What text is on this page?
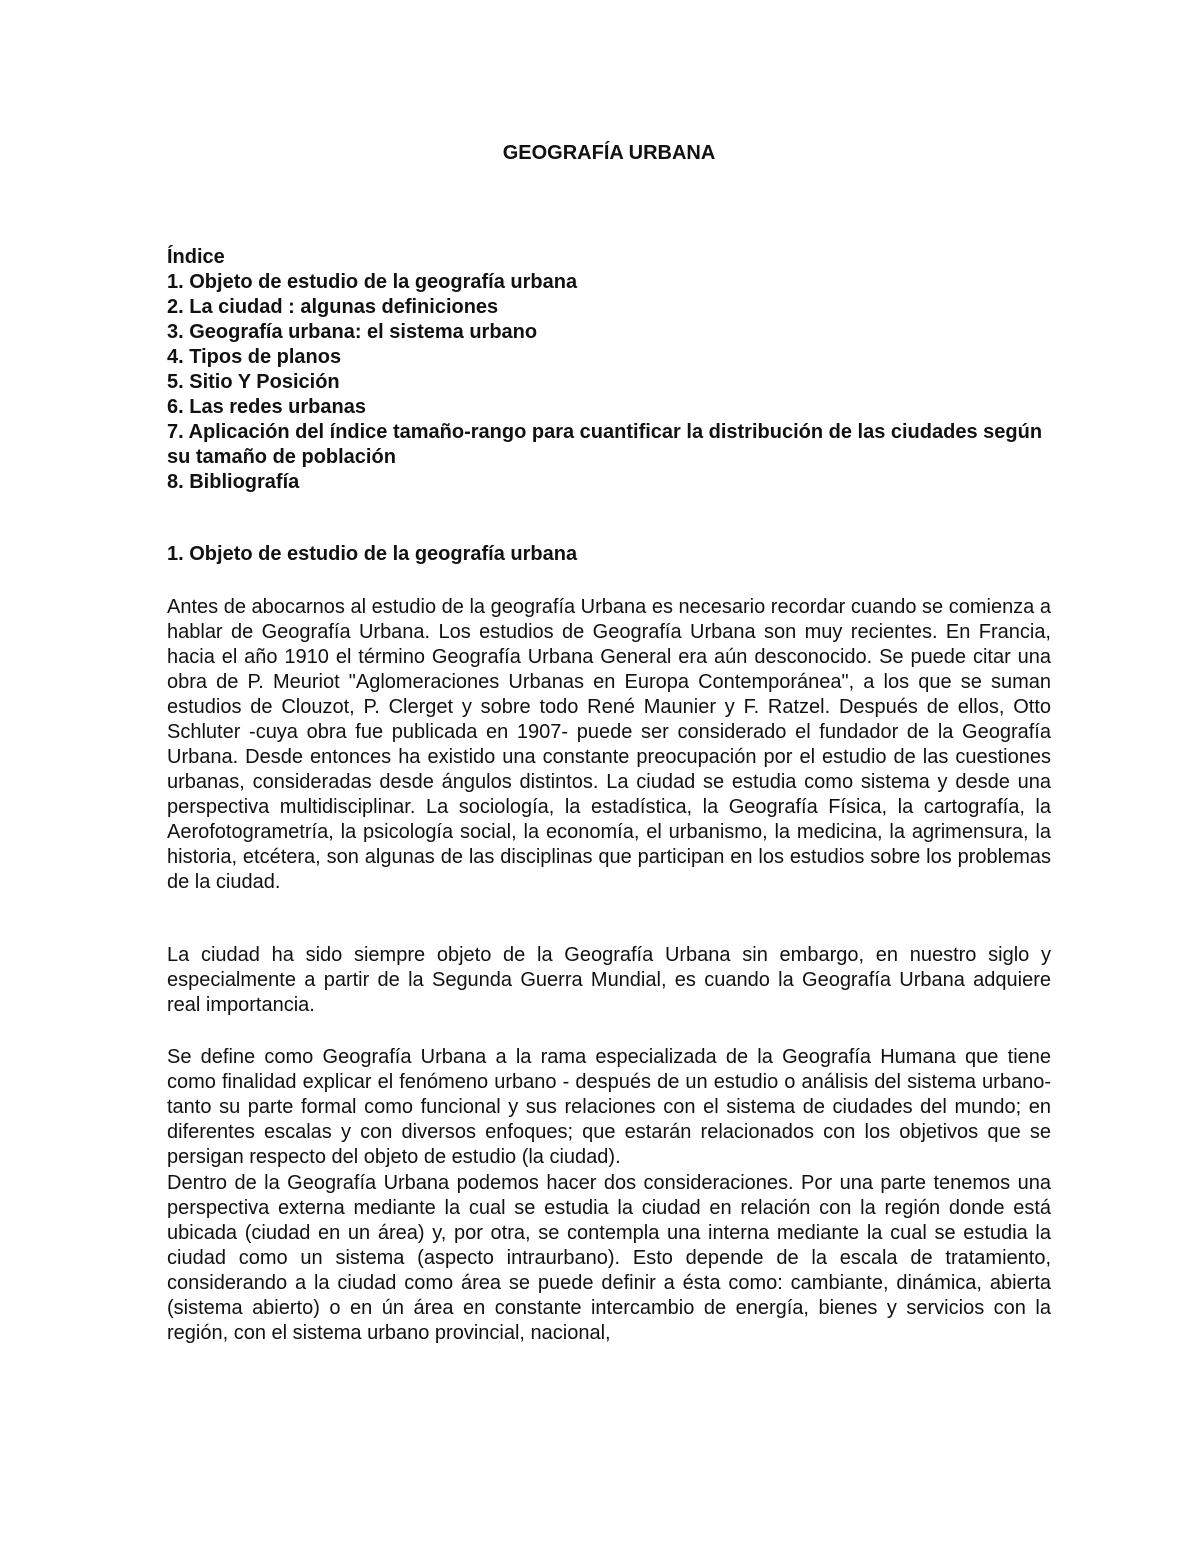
GEOGRAFÍA URBANA
Índice
1. Objeto de estudio de la geografía urbana
2. La ciudad : algunas definiciones
3. Geografía urbana: el sistema urbano
4. Tipos de planos
5. Sitio Y Posición
6. Las redes urbanas
7. Aplicación del índice tamaño-rango para cuantificar la distribución de las ciudades según su tamaño de población
8. Bibliografía
1. Objeto de estudio de la geografía urbana

Antes de abocarnos al estudio de la geografía Urbana es necesario recordar cuando se comienza a hablar de Geografía Urbana. Los estudios de Geografía Urbana son muy recientes. En Francia, hacia el año 1910 el término Geografía Urbana General era aún desconocido. Se puede citar una obra de P. Meuriot "Aglomeraciones Urbanas en Europa Contemporánea", a los que se suman estudios de Clouzot, P. Clerget y sobre todo René Maunier y F. Ratzel. Después de ellos, Otto Schluter -cuya obra fue publicada en 1907- puede ser considerado el fundador de la Geografía Urbana. Desde entonces ha existido una constante preocupación por el estudio de las cuestiones urbanas, consideradas desde ángulos distintos. La ciudad se estudia como sistema y desde una perspectiva multidisciplinar. La sociología, la estadística, la Geografía Física, la cartografía, la Aerofotogrametría, la psicología social, la economía, el urbanismo, la medicina, la agrimensura, la historia, etcétera, son algunas de las disciplinas que participan en los estudios sobre los problemas de la ciudad.

La ciudad ha sido siempre objeto de la Geografía Urbana sin embargo, en nuestro siglo y especialmente a partir de la Segunda Guerra Mundial, es cuando la Geografía Urbana adquiere real importancia.

Se define como Geografía Urbana a la rama especializada de la Geografía Humana que tiene como finalidad explicar el fenómeno urbano - después de un estudio o análisis del sistema urbano- tanto su parte formal como funcional y sus relaciones con el sistema de ciudades del mundo; en diferentes escalas y con diversos enfoques; que estarán relacionados con los objetivos que se persigan respecto del objeto de estudio (la ciudad).

Dentro de la Geografía Urbana podemos hacer dos consideraciones. Por una parte tenemos una perspectiva externa mediante la cual se estudia la ciudad en relación con la región donde está ubicada (ciudad en un área) y, por otra, se contempla una interna mediante la cual se estudia la ciudad como un sistema (aspecto intraurbano). Esto depende de la escala de tratamiento, considerando a la ciudad como área se puede definir a ésta como: cambiante, dinámica, abierta (sistema abierto) o en ún área en constante intercambio de energía, bienes y servicios con la región, con el sistema urbano provincial, nacional,
